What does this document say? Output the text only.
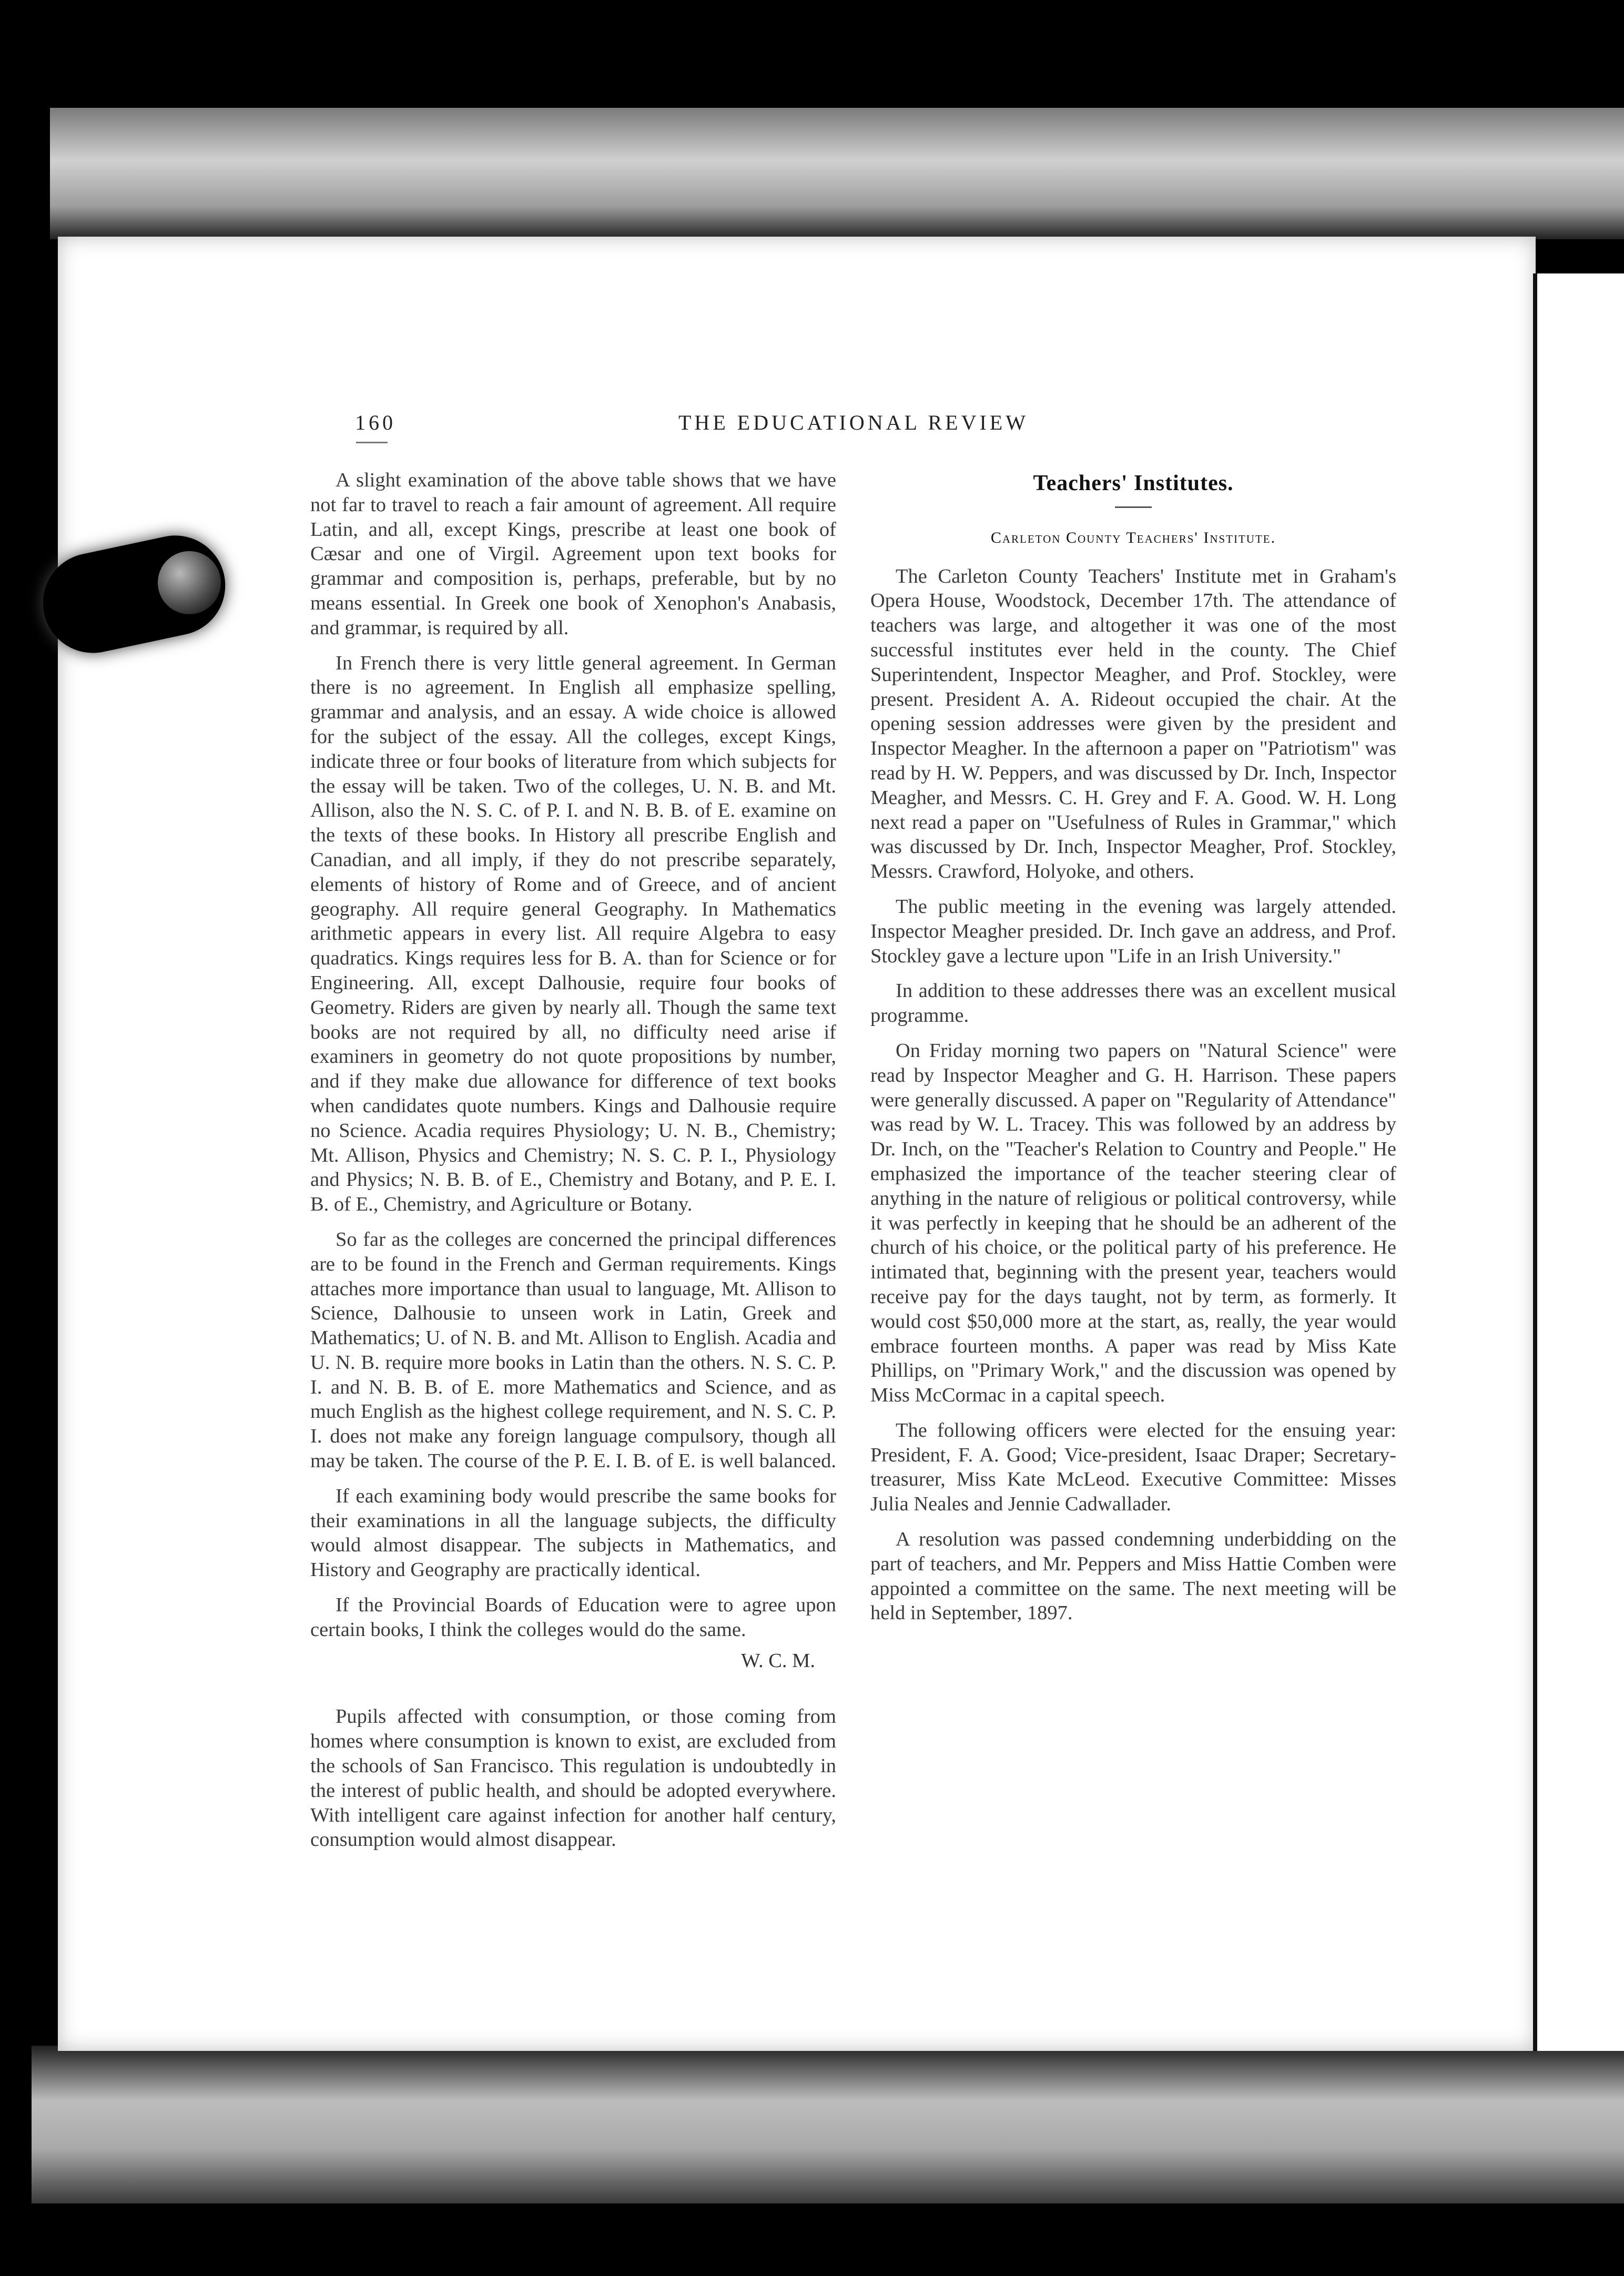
160	THE EDUCATIONAL REVIEW

A slight examination of the above table shows that we have not far to travel to reach a fair amount of agreement. All require Latin, and all, except Kings, prescribe at least one book of Cæsar and one of Virgil. Agreement upon text books for grammar and composition is, perhaps, preferable, but by no means essential. In Greek one book of Xenophon's Anabasis, and grammar, is required by all.

In French there is very little general agreement. In German there is no agreement. In English all emphasize spelling, grammar and analysis, and an essay. A wide choice is allowed for the subject of the essay. All the colleges, except Kings, indicate three or four books of literature from which subjects for the essay will be taken. Two of the colleges, U. N. B. and Mt. Allison, also the N. S. C. of P. I. and N. B. B. of E. examine on the texts of these books. In History all prescribe English and Canadian, and all imply, if they do not prescribe separately, elements of history of Rome and of Greece, and of ancient geography. All require general Geography. In Mathematics arithmetic appears in every list. All require Algebra to easy quadratics. Kings requires less for B. A. than for Science or for Engineering. All, except Dalhousie, require four books of Geometry. Riders are given by nearly all. Though the same text books are not required by all, no difficulty need arise if examiners in geometry do not quote propositions by number, and if they make due allowance for difference of text books when candidates quote numbers. Kings and Dalhousie require no Science. Acadia requires Physiology; U. N. B., Chemistry; Mt. Allison, Physics and Chemistry; N. S. C. P. I., Physiology and Physics; N. B. B. of E., Chemistry and Botany, and P. E. I. B. of E., Chemistry, and Agriculture or Botany.

So far as the colleges are concerned the principal differences are to be found in the French and German requirements. Kings attaches more importance than usual to language, Mt. Allison to Science, Dalhousie to unseen work in Latin, Greek and Mathematics; U. of N. B. and Mt. Allison to English. Acadia and U. N. B. require more books in Latin than the others. N. S. C. P. I. and N. B. B. of E. more Mathematics and Science, and as much English as the highest college requirement, and N. S. C. P. I. does not make any foreign language compulsory, though all may be taken. The course of the P. E. I. B. of E. is well balanced.

If each examining body would prescribe the same books for their examinations in all the language subjects, the difficulty would almost disappear. The subjects in Mathematics, and History and Geography are practically identical.

If the Provincial Boards of Education were to agree upon certain books, I think the colleges would do the same.

W. C. M.

Pupils affected with consumption, or those coming from homes where consumption is known to exist, are excluded from the schools of San Francisco. This regulation is undoubtedly in the interest of public health, and should be adopted everywhere. With intelligent care against infection for another half century, consumption would almost disappear.

Teachers' Institutes.
Carleton County Teachers' Institute.

The Carleton County Teachers' Institute met in Graham's Opera House, Woodstock, December 17th. The attendance of teachers was large, and altogether it was one of the most successful institutes ever held in the county. The Chief Superintendent, Inspector Meagher, and Prof. Stockley, were present. President A. A. Rideout occupied the chair. At the opening session addresses were given by the president and Inspector Meagher. In the afternoon a paper on "Patriotism" was read by H. W. Peppers, and was discussed by Dr. Inch, Inspector Meagher, and Messrs. C. H. Grey and F. A. Good. W. H. Long next read a paper on "Usefulness of Rules in Grammar," which was discussed by Dr. Inch, Inspector Meagher, Prof. Stockley, Messrs. Crawford, Holyoke, and others.

The public meeting in the evening was largely attended. Inspector Meagher presided. Dr. Inch gave an address, and Prof. Stockley gave a lecture upon "Life in an Irish University."

In addition to these addresses there was an excellent musical programme.

On Friday morning two papers on "Natural Science" were read by Inspector Meagher and G. H. Harrison. These papers were generally discussed. A paper on "Regularity of Attendance" was read by W. L. Tracey. This was followed by an address by Dr. Inch, on the "Teacher's Relation to Country and People." He emphasized the importance of the teacher steering clear of anything in the nature of religious or political controversy, while it was perfectly in keeping that he should be an adherent of the church of his choice, or the political party of his preference. He intimated that, beginning with the present year, teachers would receive pay for the days taught, not by term, as formerly. It would cost $50,000 more at the start, as, really, the year would embrace fourteen months. A paper was read by Miss Kate Phillips, on "Primary Work," and the discussion was opened by Miss McCormac in a capital speech.

The following officers were elected for the ensuing year: President, F. A. Good; Vice-president, Isaac Draper; Secretary-treasurer, Miss Kate McLeod. Executive Committee: Misses Julia Neales and Jennie Cadwallader.

A resolution was passed condemning underbidding on the part of teachers, and Mr. Peppers and Miss Hattie Comben were appointed a committee on the same. The next meeting will be held in September, 1897.
